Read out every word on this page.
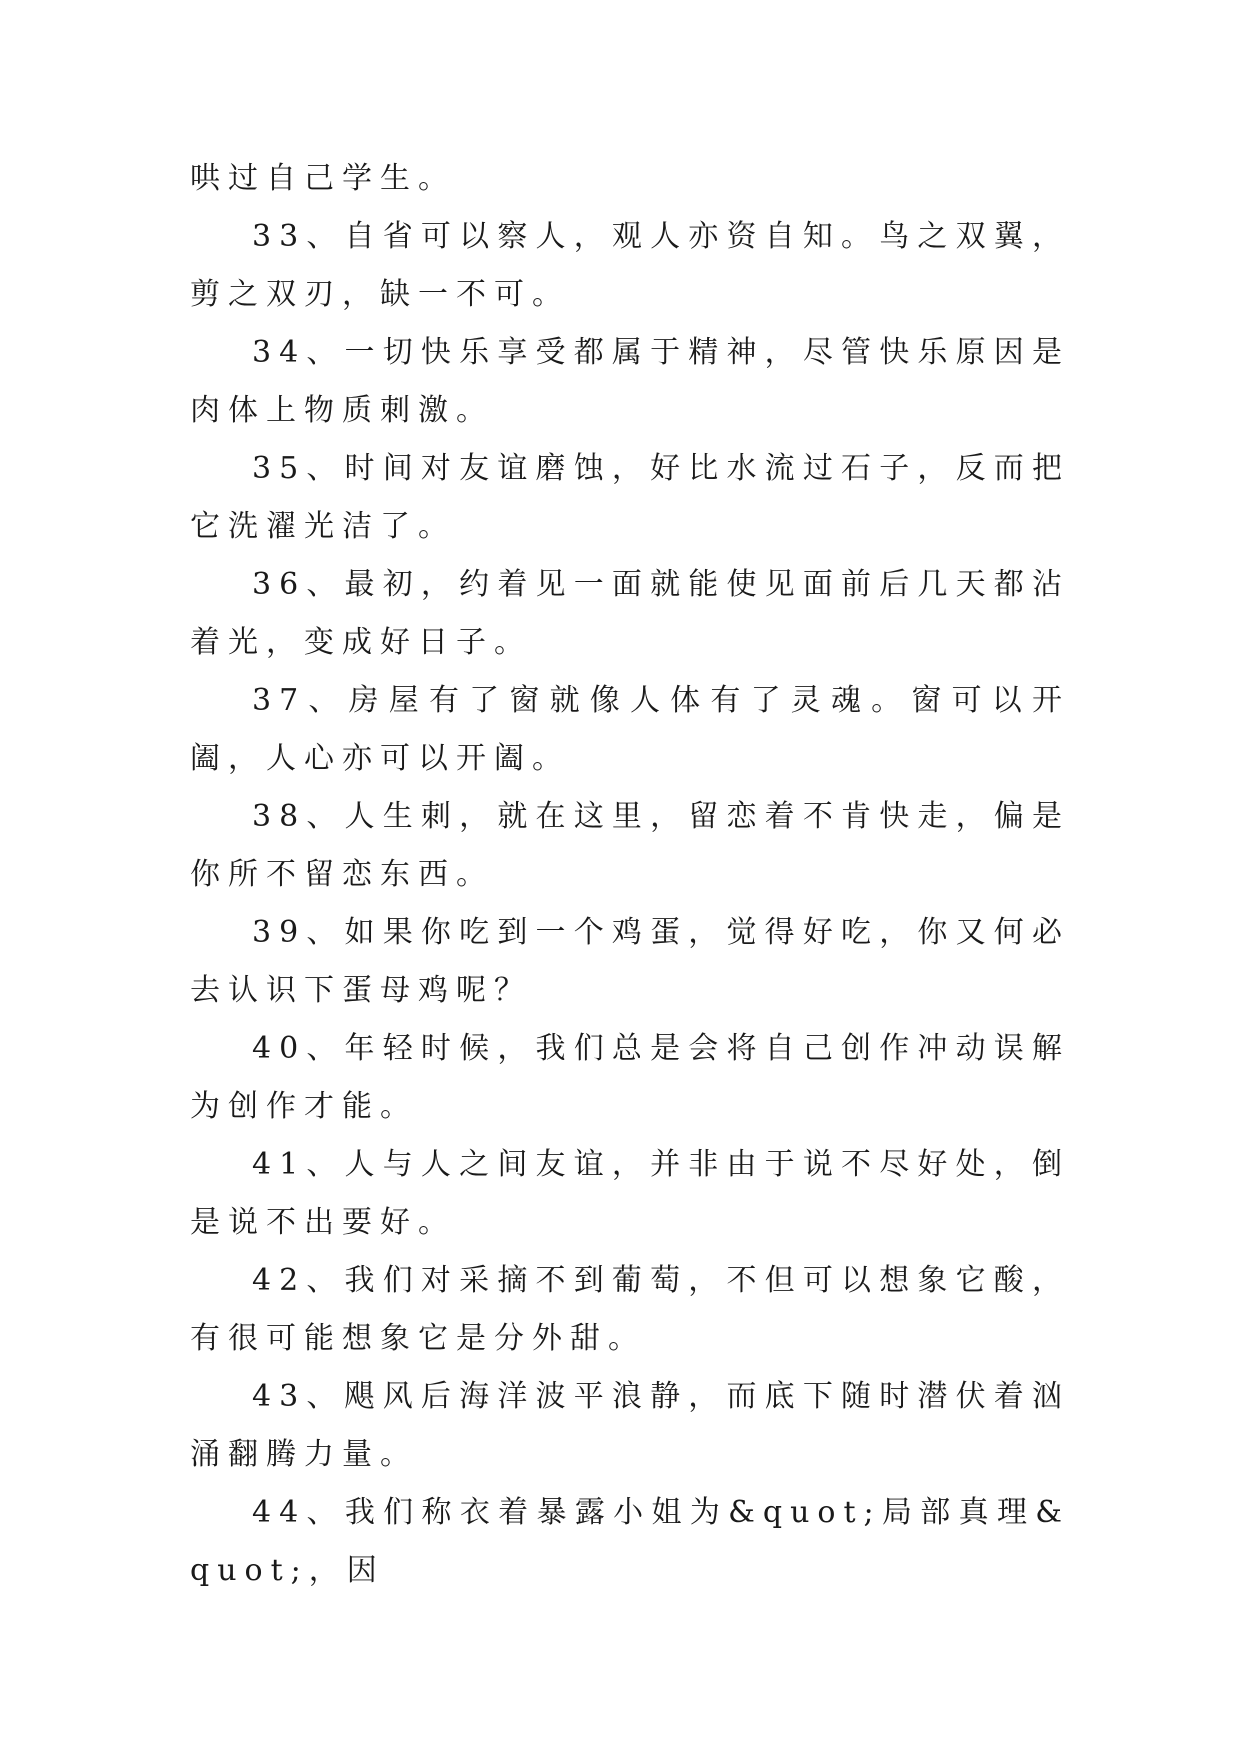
哄过自己学生。

33、自省可以察人，观人亦资自知。鸟之双翼，剪之双刃，缺一不可。

34、一切快乐享受都属于精神，尽管快乐原因是肉体上物质刺激。

35、时间对友谊磨蚀，好比水流过石子，反而把它洗濯光洁了。

36、最初，约着见一面就能使见面前后几天都沾着光，变成好日子。

37、房屋有了窗就像人体有了灵魂。窗可以开阖，人心亦可以开阖。

38、人生刺，就在这里，留恋着不肯快走，偏是你所不留恋东西。

39、如果你吃到一个鸡蛋，觉得好吃，你又何必去认识下蛋母鸡呢？

40、年轻时候，我们总是会将自己创作冲动误解为创作才能。

41、人与人之间友谊，并非由于说不尽好处，倒是说不出要好。

42、我们对采摘不到葡萄，不但可以想象它酸，有很可能想象它是分外甜。

43、飓风后海洋波平浪静，而底下随时潜伏着汹涌翻腾力量。

44、我们称衣着暴露小姐为&quot;局部真理&quot;，因
